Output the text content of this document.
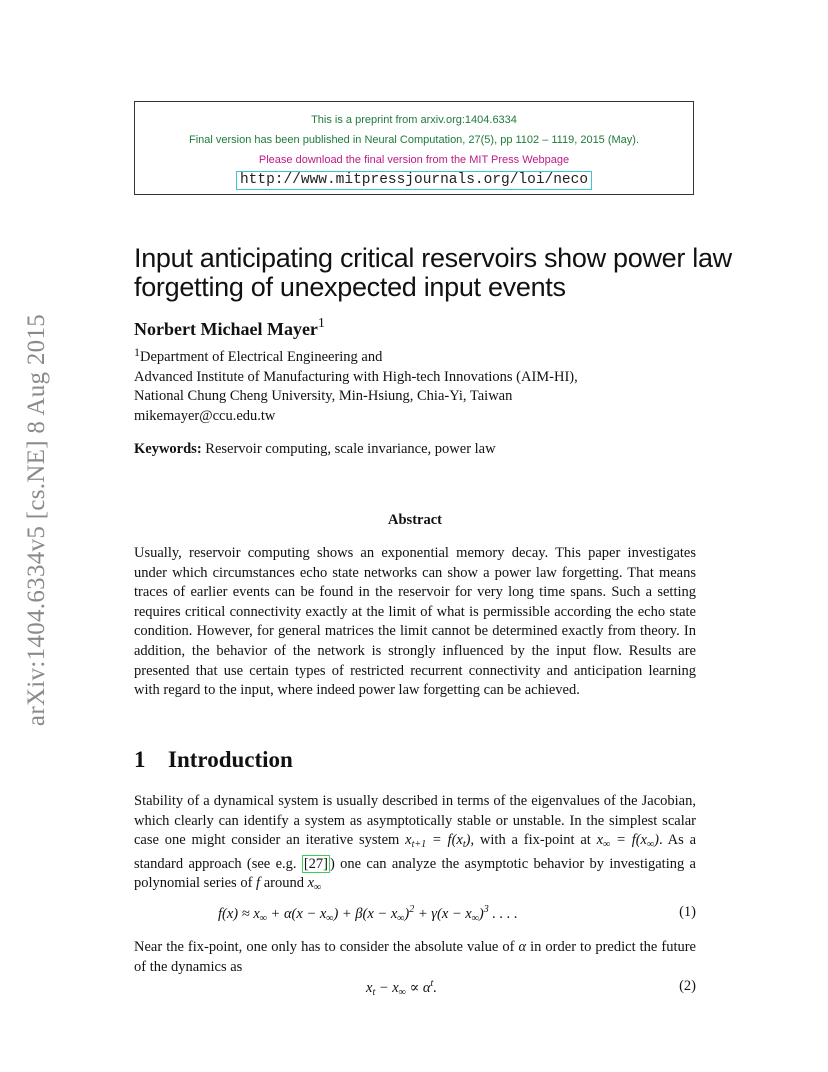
arXiv:1404.6334v5 [cs.NE] 8 Aug 2015
This is a preprint from arxiv.org:1404.6334
Final version has been published in Neural Computation, 27(5), pp 1102 – 1119, 2015 (May).
Please download the final version from the MIT Press Webpage
http://www.mitpressjournals.org/loi/neco
Input anticipating critical reservoirs show power law forgetting of unexpected input events
Norbert Michael Mayer$^1$
$^1$Department of Electrical Engineering and
Advanced Institute of Manufacturing with High-tech Innovations (AIM-HI),
National Chung Cheng University, Min-Hsiung, Chia-Yi, Taiwan
mikemayer@ccu.edu.tw
Keywords: Reservoir computing, scale invariance, power law
Abstract
Usually, reservoir computing shows an exponential memory decay. This paper investigates under which circumstances echo state networks can show a power law forgetting. That means traces of earlier events can be found in the reservoir for very long time spans. Such a setting requires critical connectivity exactly at the limit of what is permissible according the echo state condition. However, for general matrices the limit cannot be determined exactly from theory. In addition, the behavior of the network is strongly influenced by the input flow. Results are presented that use certain types of restricted recurrent connectivity and anticipation learning with regard to the input, where indeed power law forgetting can be achieved.
1 Introduction
Stability of a dynamical system is usually described in terms of the eigenvalues of the Jacobian, which clearly can identify a system as asymptotically stable or unstable. In the simplest scalar case one might consider an iterative system $x_{t+1} = f(x_t)$, with a fix-point at $x_\infty = f(x_\infty)$. As a standard approach (see e.g. [27] ) one can analyze the asymptotic behavior by investigating a polynomial series of f around $x_\infty$
$f(x) \approx x_\infty + \alpha(x - x_\infty) + \beta(x - x_\infty)^2 + \gamma(x - x_\infty)^3$ . . . .	(1)
Near the fix-point, one only has to consider the absolute value of α in order to predict the future of the dynamics as
$x_t - x_\infty \propto \alpha^t$.	(2)
